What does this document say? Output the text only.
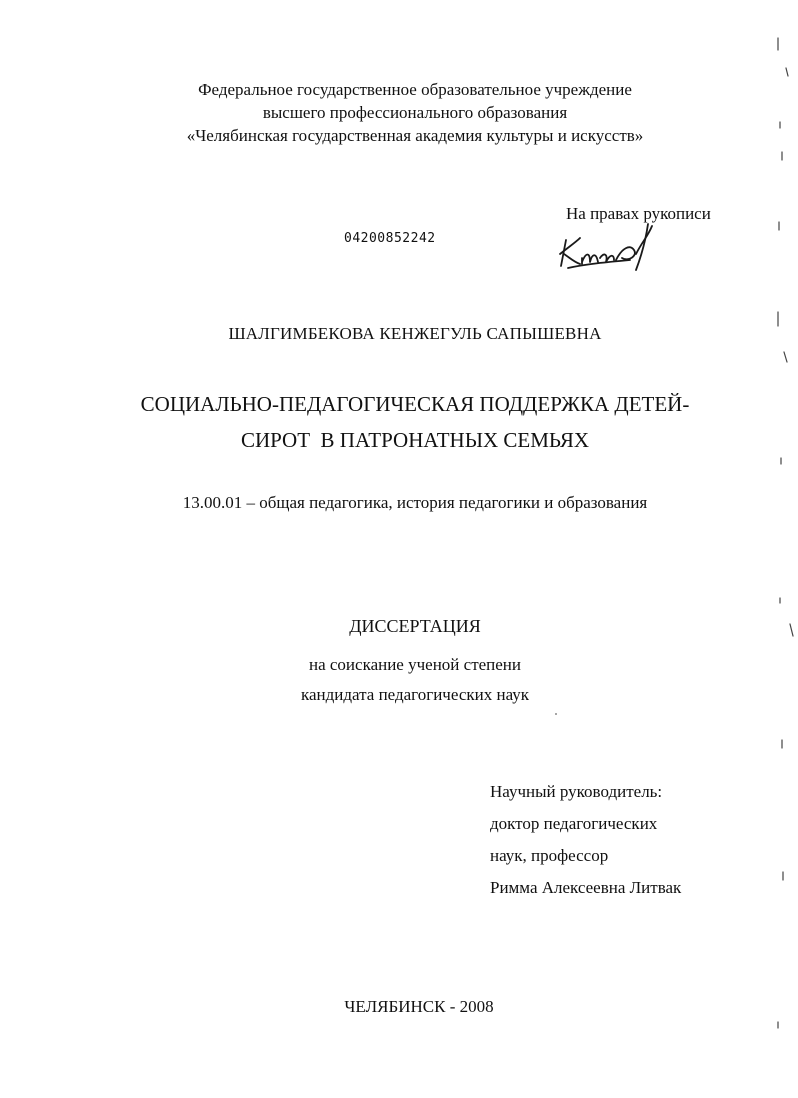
Федеральное государственное образовательное учреждение
высшего профессионального образования
«Челябинская государственная академия культуры и искусств»
04200852242
На правах рукописи
ШАЛГИМБЕКОВА КЕНЖЕГУЛЬ САПЫШЕВНА
СОЦИАЛЬНО-ПЕДАГОГИЧЕСКАЯ ПОДДЕРЖКА ДЕТЕЙ-
СИРОТ  В ПАТРОНАТНЫХ СЕМЬЯХ
13.00.01 – общая педагогика, история педагогики и образования
ДИССЕРТАЦИЯ
на соискание ученой степени
кандидата педагогических наук
Научный руководитель:
доктор педагогических
наук, профессор
Римма Алексеевна Литвак
ЧЕЛЯБИНСК - 2008
